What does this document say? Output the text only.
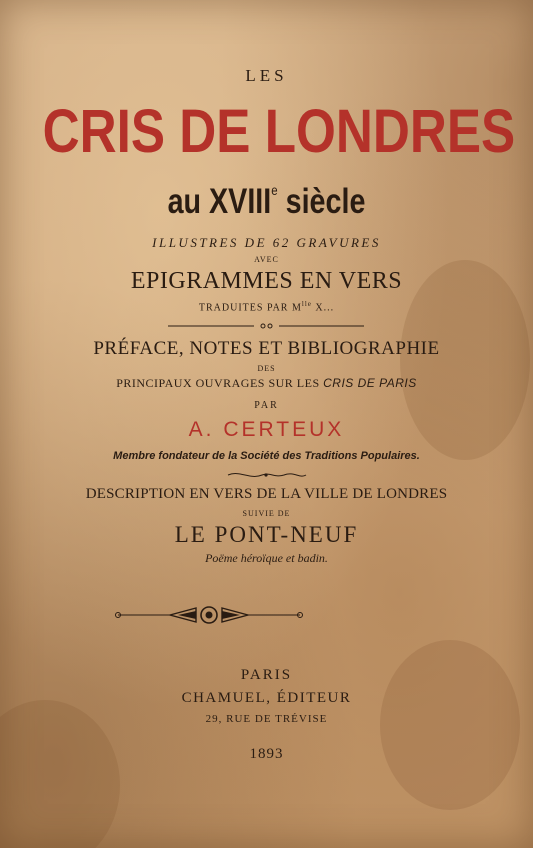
LES
CRIS DE LONDRES
au XVIIIe siècle
ILLUSTRES DE 62 GRAVURES
AVEC
EPIGRAMMES EN VERS
TRADUITES PAR $M^{lle}$ X...
PRÉFACE, NOTES ET BIBLIOGRAPHIE
DES
PRINCIPAUX OUVRAGES SUR LES CRIS DE PARIS
PAR
A. CERTEUX
Membre fondateur de la Société des Traditions Populaires.
DESCRIPTION EN VERS DE LA VILLE DE LONDRES
SUIVIE DE
LE PONT-NEUF
Poëme héroïque et badin.
PARIS
CHAMUEL, ÉDITEUR
29, RUE DE TRÉVISE
1893
